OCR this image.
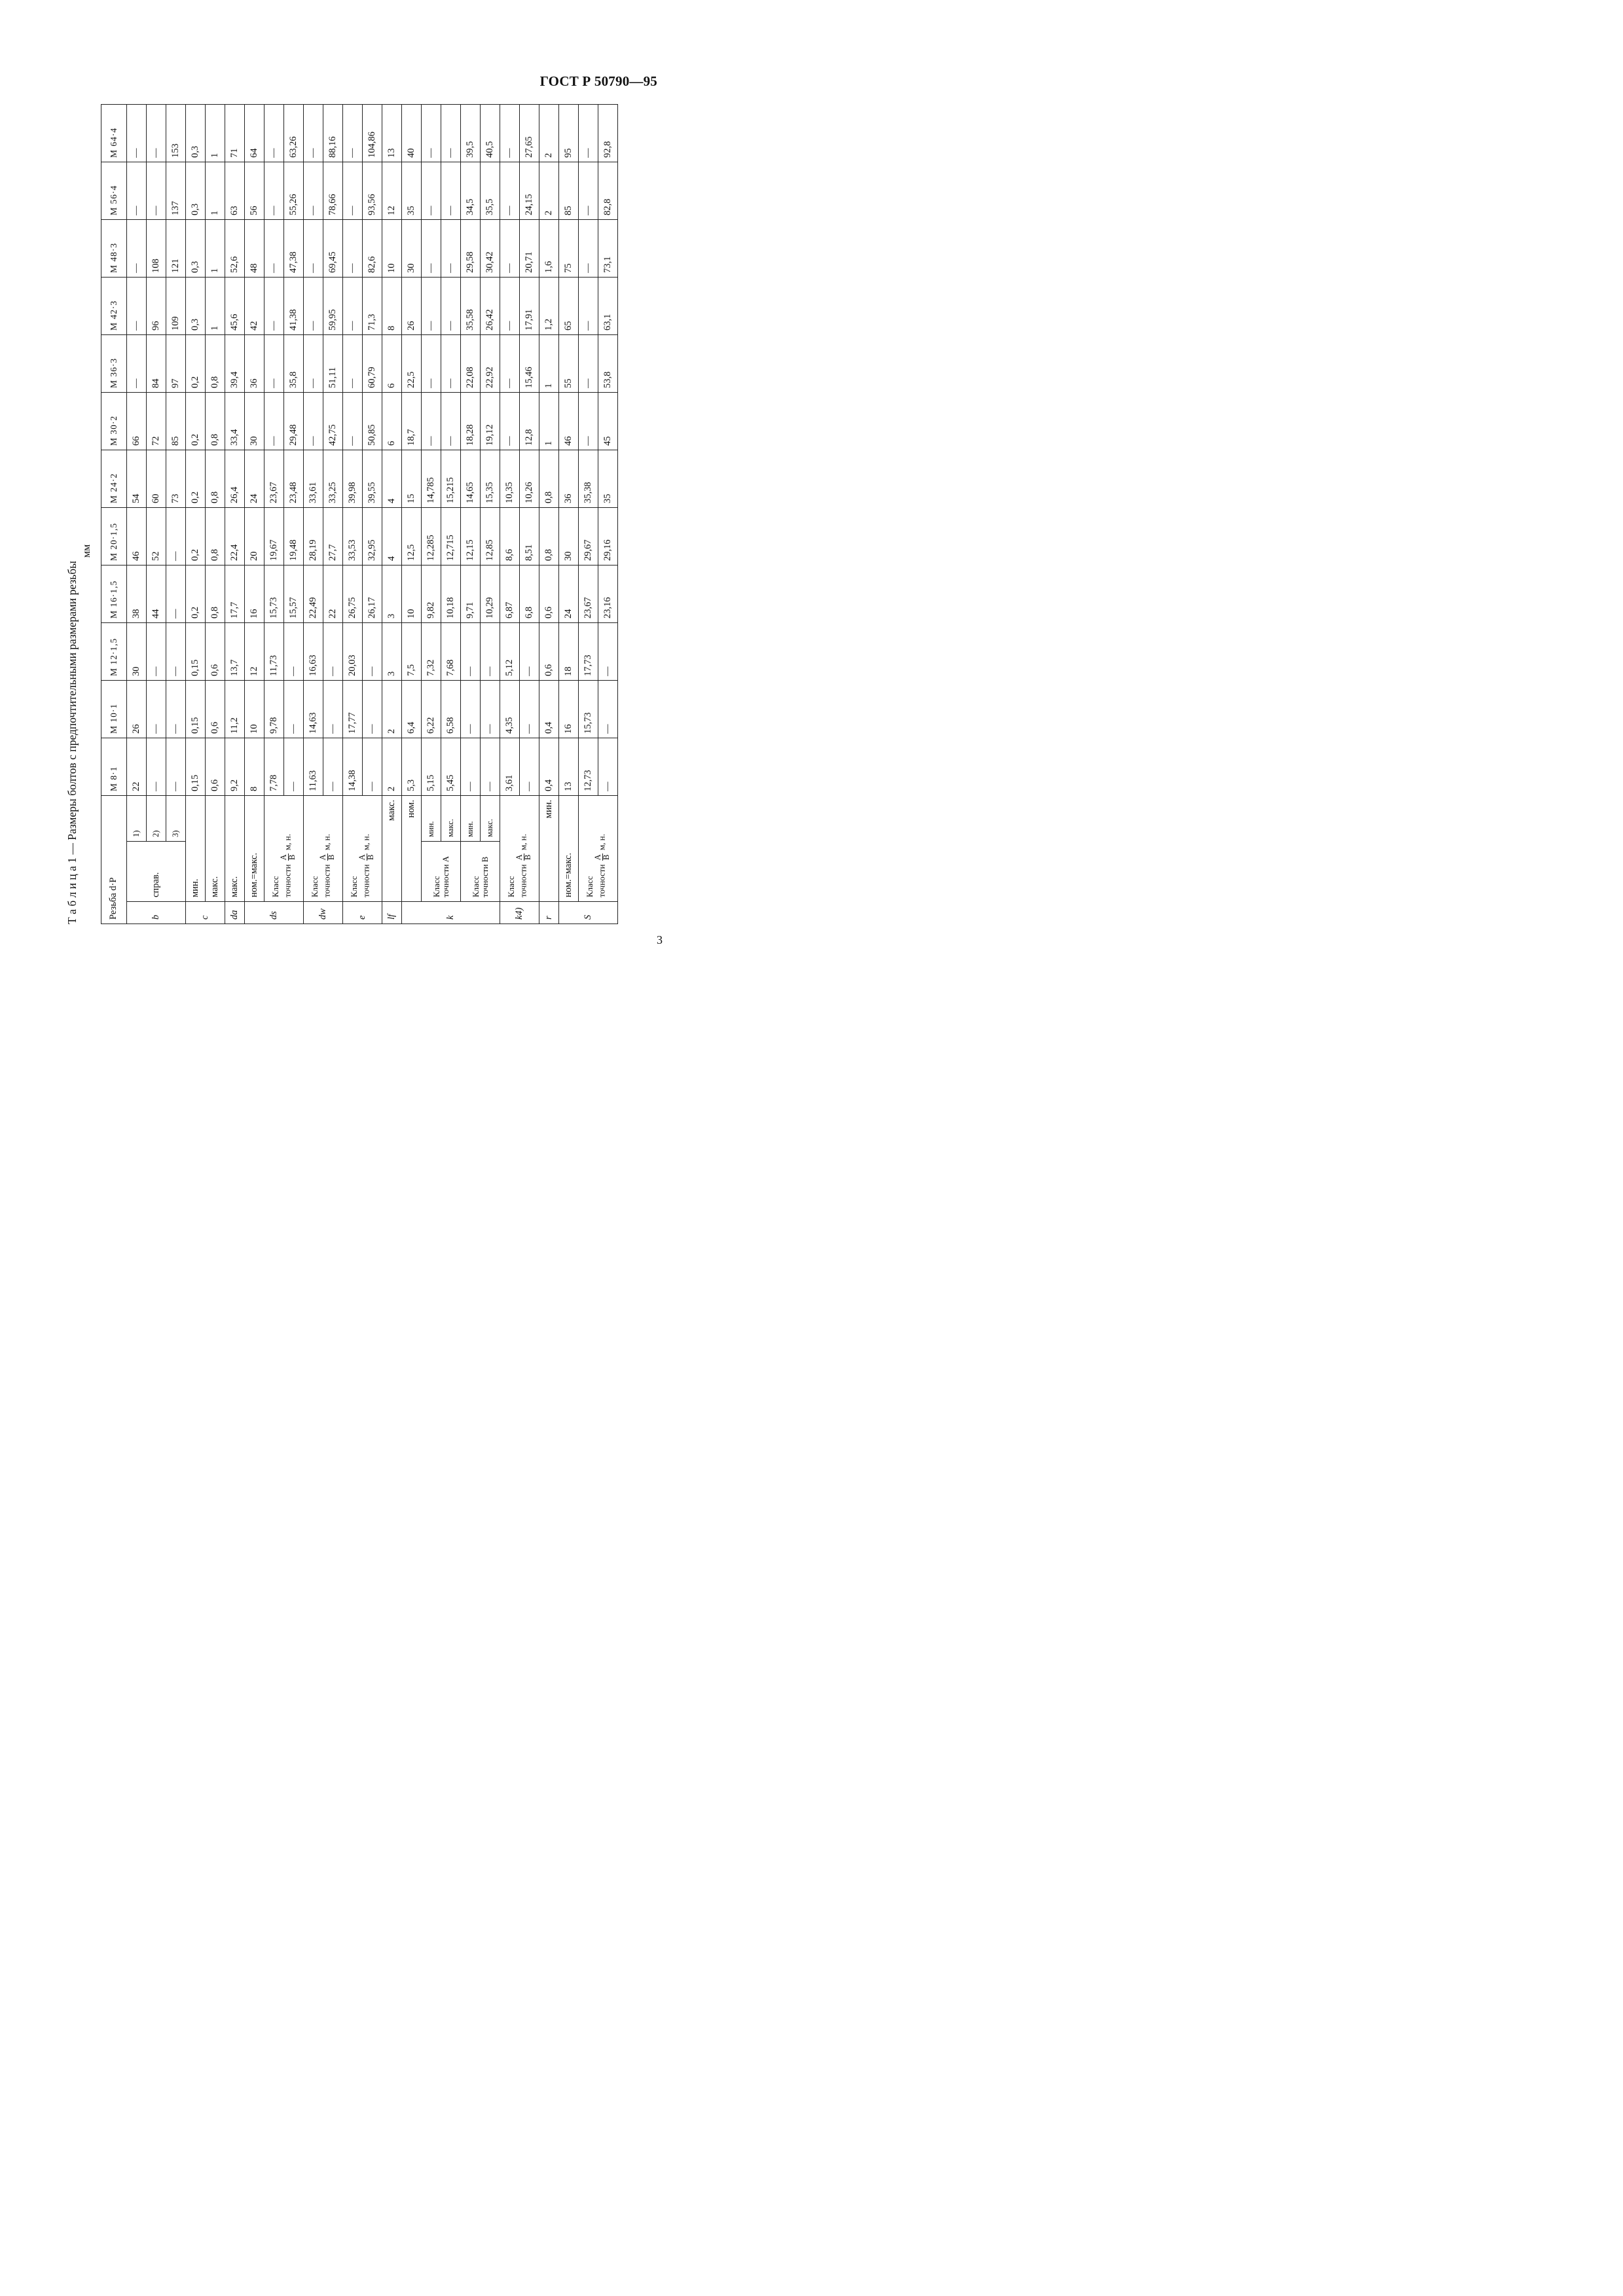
ГОСТ Р 50790—95
Т а б л и ц а 1 — Размеры болтов с предпочтительными размерами резьбы
мм
Резьба d·P			M 8·1	M 10·1	M 12·1,5	M 16·1,5	M 20·1,5	M 24·2	M 30·2	M 36·3	M 42·3	M 48·3	M 56·4	M 64·4
b	справ.	1)	22	26	30	38	46	54	66	—	—	—	—	—
		2)	—	—	—	44	52	60	72	84	96	108	—	—
		3)	—	—	—	—	—	73	85	97	109	121	137	153
c	мин.		0,15	0,15	0,15	0,2	0,2	0,2	0,2	0,2	0,3	0,3	0,3	0,3
	макс.		0,6	0,6	0,6	0,8	0,8	0,8	0,8	0,8	1	1	1	1
da	макс.		9,2	11,2	13,7	17,7	22,4	26,4	33,4	39,4	45,6	52,6	63	71
ds	ном.=макс.		8	10	12	16	20	24	30	36	42	48	56	64
	Класс точности
A
B
м, н.		7,78	9,78	11,73	15,73	19,67	23,67	—	—	—	—	—	—
			—	—	—	15,57	19,48	23,48	29,48	35,8	41,38	47,38	55,26	63,26
dw	Класс точности
A
B
м, н.		11,63	14,63	16,63	22,49	28,19	33,61	—	—	—	—	—	—
			—	—	—	22	27,7	33,25	42,75	51,11	59,95	69,45	78,66	88,16
e	Класс точности
A
B
м, н.		14,38	17,77	20,03	26,75	33,53	39,98	—	—	—	—	—	—
			—	—	—	26,17	32,95	39,55	50,85	60,79	71,3	82,6	93,56	104,86
lf	макс.		2	2	3	3	4	4	6	6	8	10	12	13
k	ном.		5,3	6,4	7,5	10	12,5	15	18,7	22,5	26	30	35	40
	Класс
точности A	мин.	5,15	6,22	7,32	9,82	12,285	14,785	—	—	—	—	—	—
		макс.	5,45	6,58	7,68	10,18	12,715	15,215	—	—	—	—	—	—
	Класс
точности B	мин.	—	—	—	9,71	12,15	14,65	18,28	22,08	35,58	29,58	34,5	39,5
		макс.	—	—	—	10,29	12,85	15,35	19,12	22,92	26,42	30,42	35,5	40,5
k4)	Класс точности
A
B
м, н.		3,61	4,35	5,12	6,87	8,6	10,35	—	—	—	—	—	—
			—	—	—	6,8	8,51	10,26	12,8	15,46	17,91	20,71	24,15	27,65
r	мин.		0,4	0,4	0,6	0,6	0,8	0,8	1	1	1,2	1,6	2	2
S	ном.=макс.		13	16	18	24	30	36	46	55	65	75	85	95
	Класс точности
A
B
м, н.		12,73	15,73	17,73	23,67	29,67	35,38	—	—	—	—	—	—
			—	—	—	23,16	29,16	35	45	53,8	63,1	73,1	82,8	92,8
3
